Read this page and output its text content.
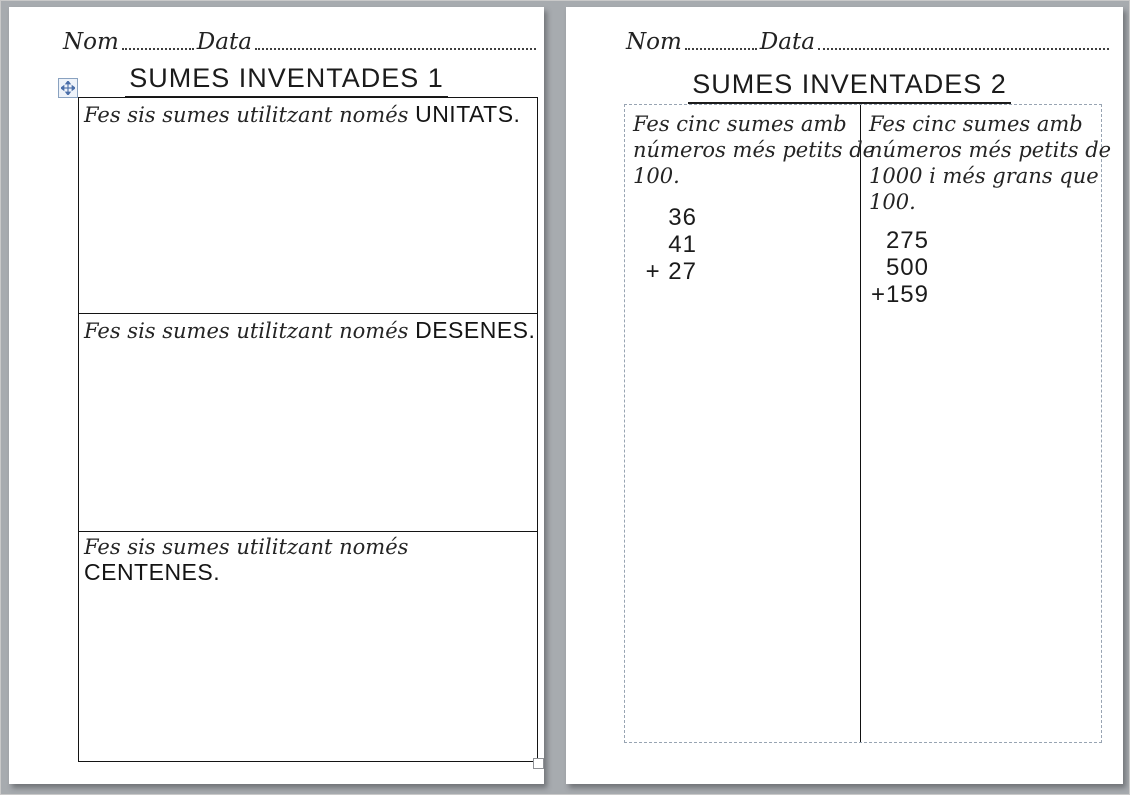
Nom	Data
SUMES INVENTADES 1
Fes sis sumes utilitzant només UNITATS.
Fes sis sumes utilitzant només DESENES.
Fes sis sumes utilitzant només CENTENES.
Nom	Data
SUMES INVENTADES 2
Fes cinc sumes amb
números més petits de
100.
36
41
+ 27
Fes cinc sumes amb
números més petits de
1000 i més grans que
100.
275
500
+159
